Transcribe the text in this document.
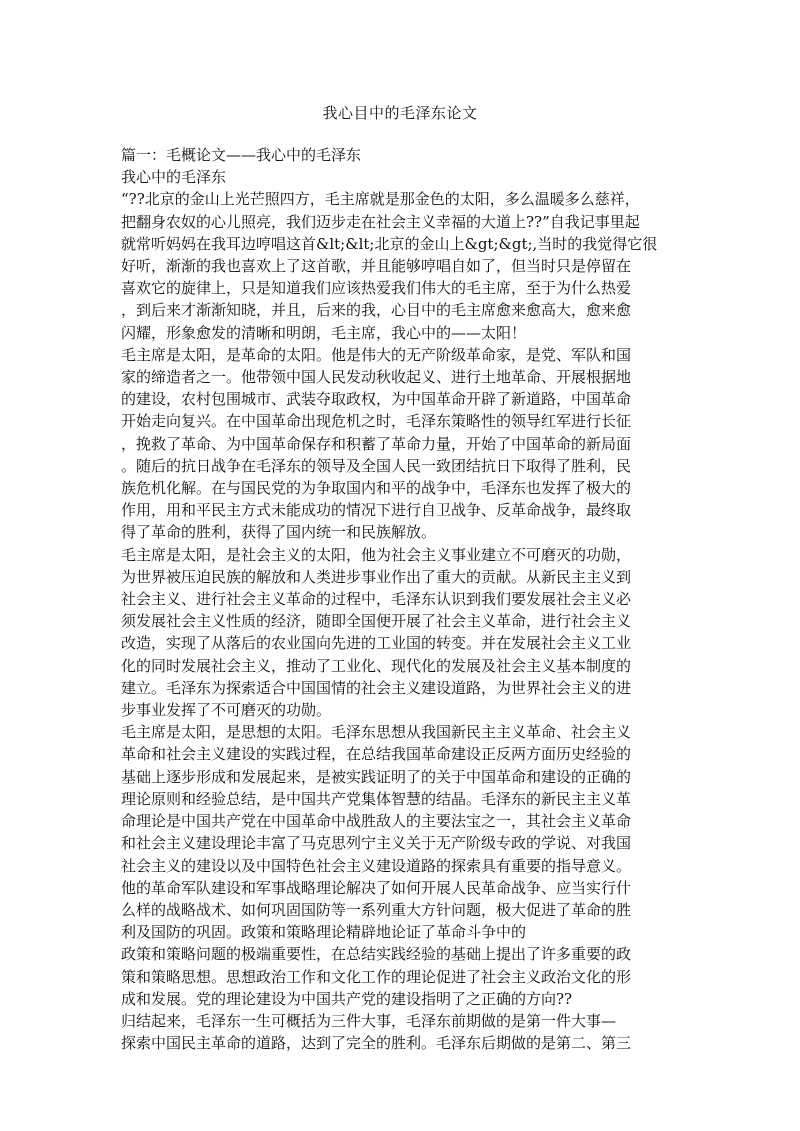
我心目中的毛泽东论文
篇一：毛概论文——我心中的毛泽东
我心中的毛泽东
“??北京的金山上光芒照四方，毛主席就是那金色的太阳，多么温暖多么慈祥，
把翻身农奴的心儿照亮，我们迈步走在社会主义幸福的大道上??”自我记事里起
就常听妈妈在我耳边哼唱这首&lt;&lt;北京的金山上&gt;&gt;,当时的我觉得它很
好听，渐渐的我也喜欢上了这首歌，并且能够哼唱自如了，但当时只是停留在
喜欢它的旋律上，只是知道我们应该热爱我们伟大的毛主席，至于为什么热爱
，到后来才渐渐知晓，并且，后来的我，心目中的毛主席愈来愈高大，愈来愈
闪耀，形象愈发的清晰和明朗，毛主席，我心中的——太阳！
毛主席是太阳，是革命的太阳。他是伟大的无产阶级革命家，是党、军队和国
家的缔造者之一。他带领中国人民发动秋收起义、进行土地革命、开展根据地
的建设，农村包围城市、武装夺取政权，为中国革命开辟了新道路，中国革命
开始走向复兴。在中国革命出现危机之时，毛泽东策略性的领导红军进行长征
，挽救了革命、为中国革命保存和积蓄了革命力量，开始了中国革命的新局面
。随后的抗日战争在毛泽东的领导及全国人民一致团结抗日下取得了胜利，民
族危机化解。在与国民党的为争取国内和平的战争中，毛泽东也发挥了极大的
作用，用和平民主方式未能成功的情况下进行自卫战争、反革命战争，最终取
得了革命的胜利，获得了国内统一和民族解放。
毛主席是太阳，是社会主义的太阳，他为社会主义事业建立不可磨灭的功勋，
为世界被压迫民族的解放和人类进步事业作出了重大的贡献。从新民主主义到
社会主义、进行社会主义革命的过程中，毛泽东认识到我们要发展社会主义必
须发展社会主义性质的经济，随即全国便开展了社会主义革命，进行社会主义
改造，实现了从落后的农业国向先进的工业国的转变。并在发展社会主义工业
化的同时发展社会主义，推动了工业化、现代化的发展及社会主义基本制度的
建立。毛泽东为探索适合中国国情的社会主义建设道路，为世界社会主义的进
步事业发挥了不可磨灭的功勋。
毛主席是太阳，是思想的太阳。毛泽东思想从我国新民主主义革命、社会主义
革命和社会主义建设的实践过程，在总结我国革命建设正反两方面历史经验的
基础上逐步形成和发展起来，是被实践证明了的关于中国革命和建设的正确的
理论原则和经验总结，是中国共产党集体智慧的结晶。毛泽东的新民主主义革
命理论是中国共产党在中国革命中战胜敌人的主要法宝之一，其社会主义革命
和社会主义建设理论丰富了马克思列宁主义关于无产阶级专政的学说、对我国
社会主义的建设以及中国特色社会主义建设道路的探索具有重要的指导意义。
他的革命军队建设和军事战略理论解决了如何开展人民革命战争、应当实行什
么样的战略战术、如何巩固国防等一系列重大方针问题，极大促进了革命的胜
利及国防的巩固。政策和策略理论精辟地论证了革命斗争中的
政策和策略问题的极端重要性，在总结实践经验的基础上提出了许多重要的政
策和策略思想。思想政治工作和文化工作的理论促进了社会主义政治文化的形
成和发展。党的理论建设为中国共产党的建设指明了之正确的方向??
归结起来，毛泽东一生可概括为三件大事，毛泽东前期做的是第一件大事—
探索中国民主革命的道路，达到了完全的胜利。毛泽东后期做的是第二、第三
